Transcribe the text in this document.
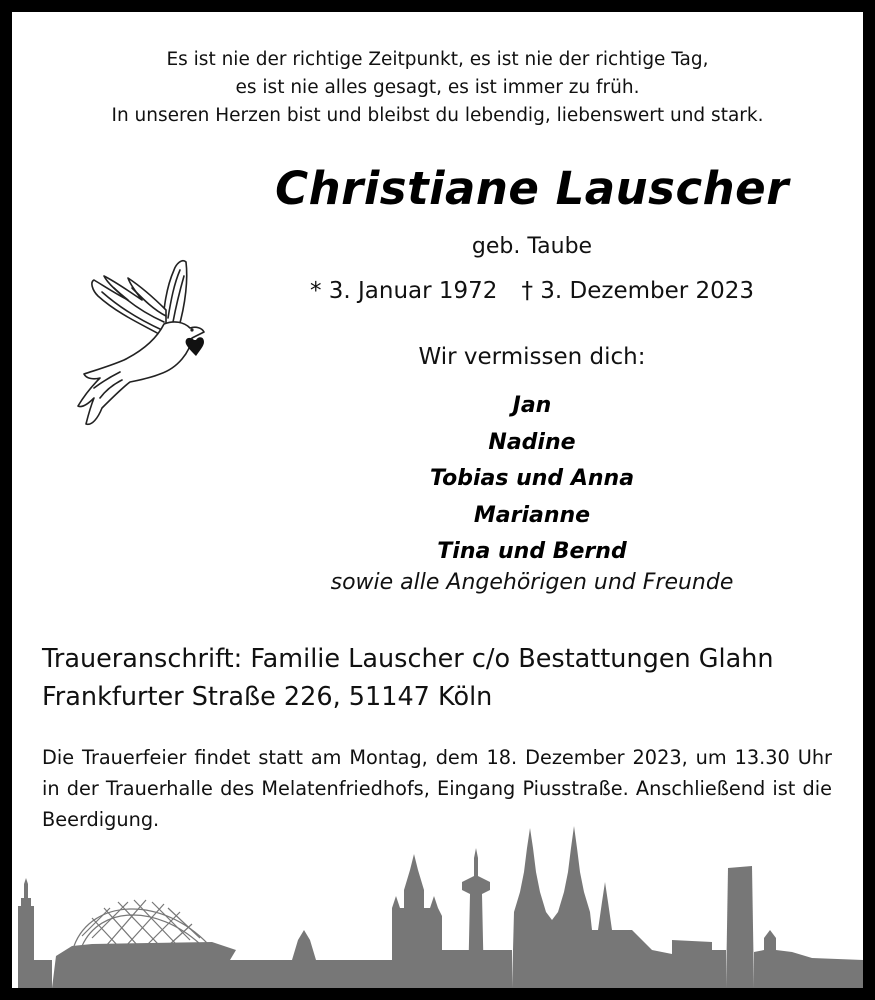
Es ist nie der richtige Zeitpunkt, es ist nie der richtige Tag,
es ist nie alles gesagt, es ist immer zu früh.
In unseren Herzen bist und bleibst du lebendig, liebenswert und stark.
Christiane Lauscher
geb. Taube
* 3. Januar 1972 † 3. Dezember 2023
Wir vermissen dich:
Jan
Nadine
Tobias und Anna
Marianne
Tina und Bernd
sowie alle Angehörigen und Freunde
Traueranschrift: Familie Lauscher c/o Bestattungen Glahn
Frankfurter Straße 226, 51147 Köln
Die Trauerfeier findet statt am Montag, dem 18. Dezember 2023, um 13.30 Uhr in der Trauerhalle des Melatenfriedhofs, Eingang Piusstraße. Anschließend ist die Beerdigung.
